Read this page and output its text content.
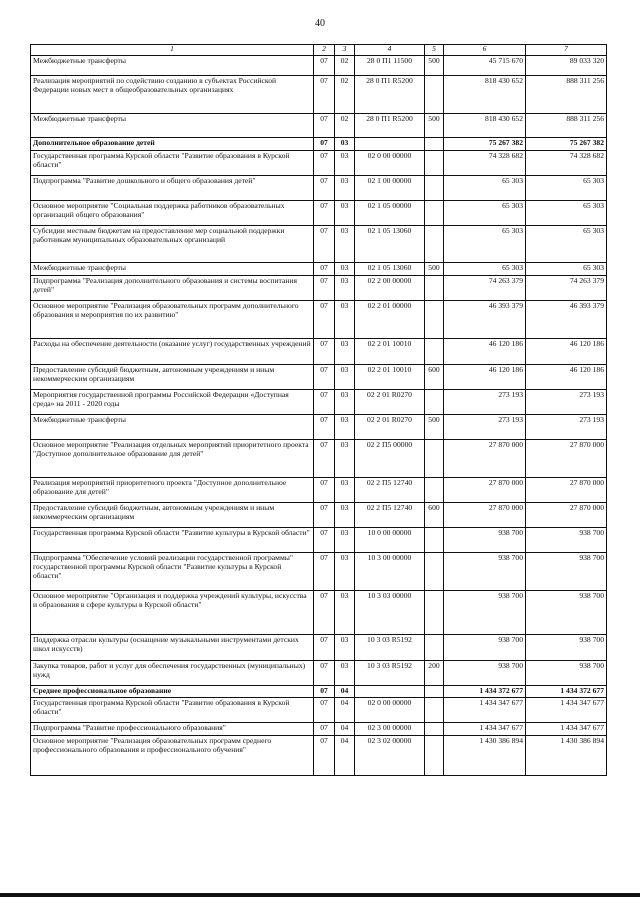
40
1	2	3	4	5	6	7
Межбюджетные трансферты	07	02	28 0 П1 11500	500	45 715 670	89 033 320
Реализация мероприятий по содействию созданию в субъектах Российской Федерации новых мест в общеобразовательных организациях	07	02	28 0 П1 R5200		818 430 652	888 311 256
Межбюджетные трансферты	07	02	28 0 П1 R5200	500	818 430 652	888 311 256
Дополнительное образование детей	07	03			75 267 382	75 267 382
Государственная программа Курской области "Развитие образования в Курской области"	07	03	02 0 00 00000		74 328 682	74 328 682
Подпрограмма "Развитие дошкольного и общего образования детей"	07	03	02 1 00 00000		65 303	65 303
Основное мероприятие "Социальная поддержка работников образовательных организаций общего образования"	07	03	02 1 05 00000		65 303	65 303
Субсидии местным бюджетам на предоставление мер социальной поддержки работникам муниципальных образовательных организаций	07	03	02 1 05 13060		65 303	65 303
Межбюджетные трансферты	07	03	02 1 05 13060	500	65 303	65 303
Подпрограмма "Реализация дополнительного образования и системы воспитания детей"	07	03	02 2 00 00000		74 263 379	74 263 379
Основное мероприятие "Реализация образовательных программ дополнительного образования и мероприятия по их развитию"	07	03	02 2 01 00000		46 393 379	46 393 379
Расходы на обеспечение деятельности (оказание услуг) государственных учреждений	07	03	02 2 01 10010		46 120 186	46 120 186
Предоставление субсидий бюджетным, автономным учреждениям и иным некоммерческим организациям	07	03	02 2 01 10010	600	46 120 186	46 120 186
Мероприятия государственной программы Российской Федерации «Доступная среда» на 2011 - 2020 годы	07	03	02 2 01 R0270		273 193	273 193
Межбюджетные трансферты	07	03	02 2 01 R0270	500	273 193	273 193
Основное мероприятие "Реализация отдельных мероприятий приоритетного проекта "Доступное дополнительное образование для детей"	07	03	02 2 П5 00000		27 870 000	27 870 000
Реализация мероприятий приоритетного проекта "Доступное дополнительное образование для детей"	07	03	02 2 П5 12740		27 870 000	27 870 000
Предоставление субсидий бюджетным, автономным учреждениям и иным некоммерческим организациям	07	03	02 2 П5 12740	600	27 870 000	27 870 000
Государственная программа Курской области "Развитие культуры в Курской области"	07	03	10 0 00 00000		938 700	938 700
Подпрограмма "Обеспечение условий реализации государственной программы" государственной программы Курской области "Развитие культуры в Курской области"	07	03	10 3 00 00000		938 700	938 700
Основное мероприятие "Организация и поддержка учреждений культуры, искусства и образования в сфере культуры в Курской области"	07	03	10 3 03 00000		938 700	938 700
Поддержка отрасли культуры (оснащение музыкальными инструментами детских школ искусств)	07	03	10 3 03 R5192		938 700	938 700
Закупка товаров, работ и услуг для обеспечения государственных (муниципальных) нужд	07	03	10 3 03 R5192	200	938 700	938 700
Среднее профессиональное образование	07	04			1 434 372 677	1 434 372 677
Государственная программа Курской области "Развитие образования в Курской области"	07	04	02 0 00 00000		1 434 347 677	1 434 347 677
Подпрограмма "Развитие профессионального образования"	07	04	02 3 00 00000		1 434 347 677	1 434 347 677
Основное мероприятие "Реализация образовательных программ среднего профессионального образования и профессионального обучения"	07	04	02 3 02 00000		1 430 386 894	1 430 386 894
